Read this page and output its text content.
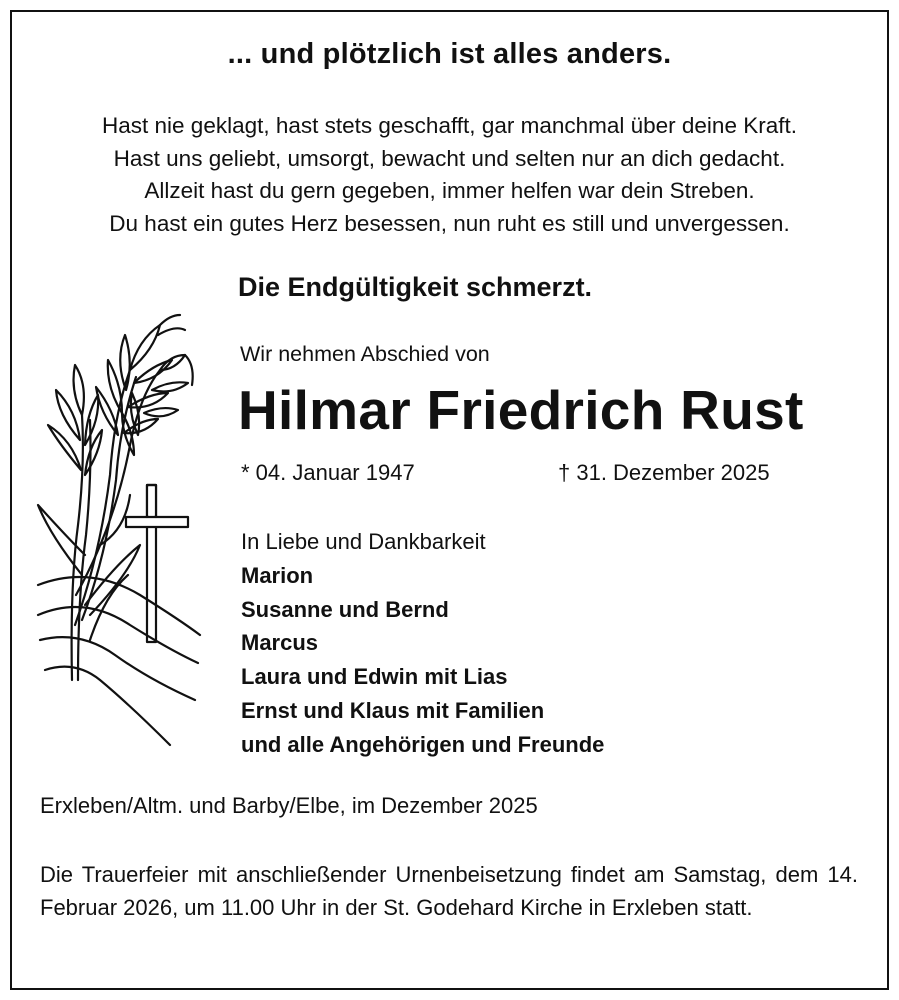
... und plötzlich ist alles anders.
Hast nie geklagt, hast stets geschafft, gar manchmal über deine Kraft.
Hast uns geliebt, umsorgt, bewacht und selten nur an dich gedacht.
Allzeit hast du gern gegeben, immer helfen war dein Streben.
Du hast ein gutes Herz besessen, nun ruht es still und unvergessen.
Die Endgültigkeit schmerzt.
Wir nehmen Abschied von
Hilmar Friedrich Rust
* 04. Januar 1947	† 31. Dezember 2025
In Liebe und Dankbarkeit
Marion
Susanne und Bernd
Marcus
Laura und Edwin mit Lias
Ernst und Klaus mit Familien
und alle Angehörigen und Freunde
Erxleben/Altm. und Barby/Elbe, im Dezember 2025

Die Trauerfeier mit anschließender Urnenbeisetzung findet am Samstag, dem 14. Februar 2026, um 11.00 Uhr in der St. Godehard Kirche in Erxleben statt.
